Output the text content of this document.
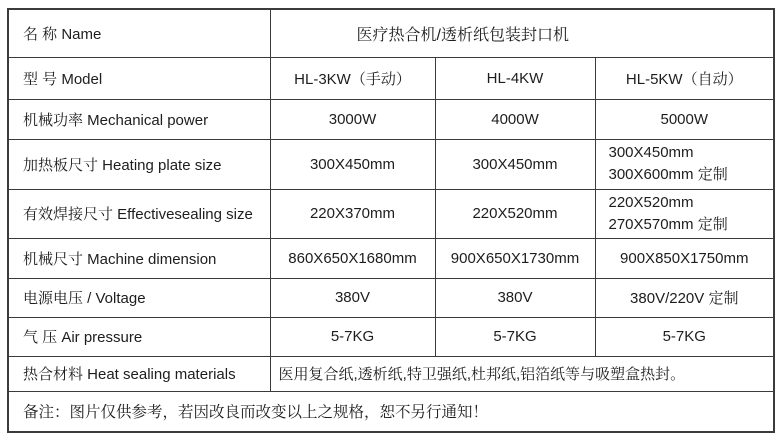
名 称 Name	医疗热合机/透析纸包装封口机		
型 号 Model	HL-3KW（手动）	HL-4KW	HL-5KW（自动）
机械功率 Mechanical power	3000W	4000W	5000W
加热板尺寸 Heating plate size	300X450mm	300X450mm	300X450mm
300X600mm 定制

有效焊接尺寸 Effectivesealing size	220X370mm	220X520mm	220X520mm
270X570mm 定制

机械尺寸 Machine dimension	860X650X1680mm	900X650X1730mm	900X850X1750mm
电源电压 / Voltage	380V	380V	380V/220V 定制
气 压 Air pressure	5-7KG	5-7KG	5-7KG
热合材料 Heat sealing materials	医用复合纸,透析纸,特卫强纸,杜邦纸,铝箔纸等与吸塑盒热封。		
备注：图片仅供参考，若因改良而改变以上之规格，恕不另行通知！			
